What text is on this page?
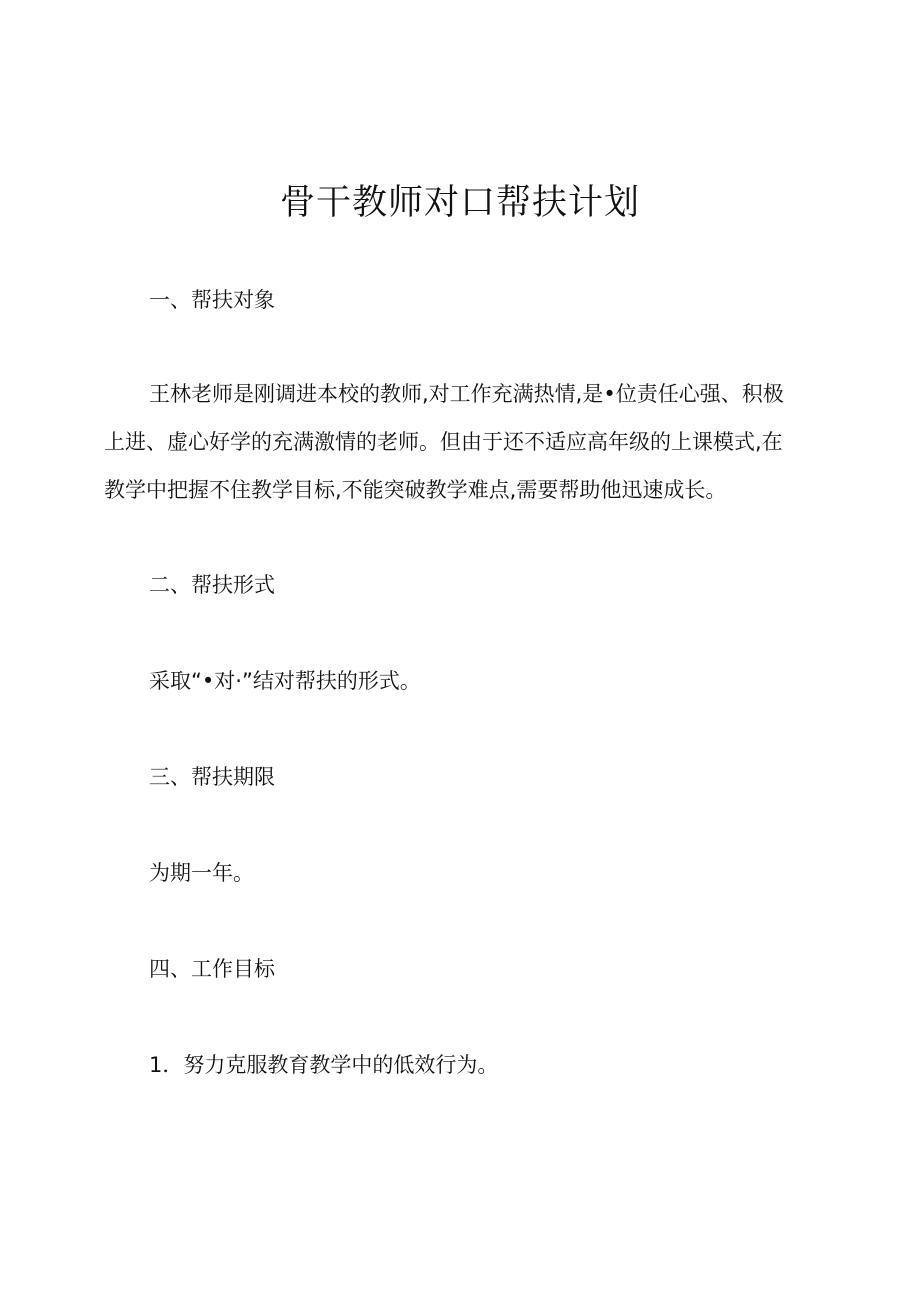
骨干教师对口帮扶计划

一、帮扶对象

王林老师是刚调进本校的教师,对工作充满热情,是•位责任心强、积极

上进、虚心好学的充满激情的老师。但由于还不适应高年级的上课模式,在

教学中把握不住教学目标,不能突破教学难点,需要帮助他迅速成长。

二、帮扶形式

采取“•对·”结对帮扶的形式。

三、帮扶期限

为期一年。

四、工作目标

1．努力克服教育教学中的低效行为。
